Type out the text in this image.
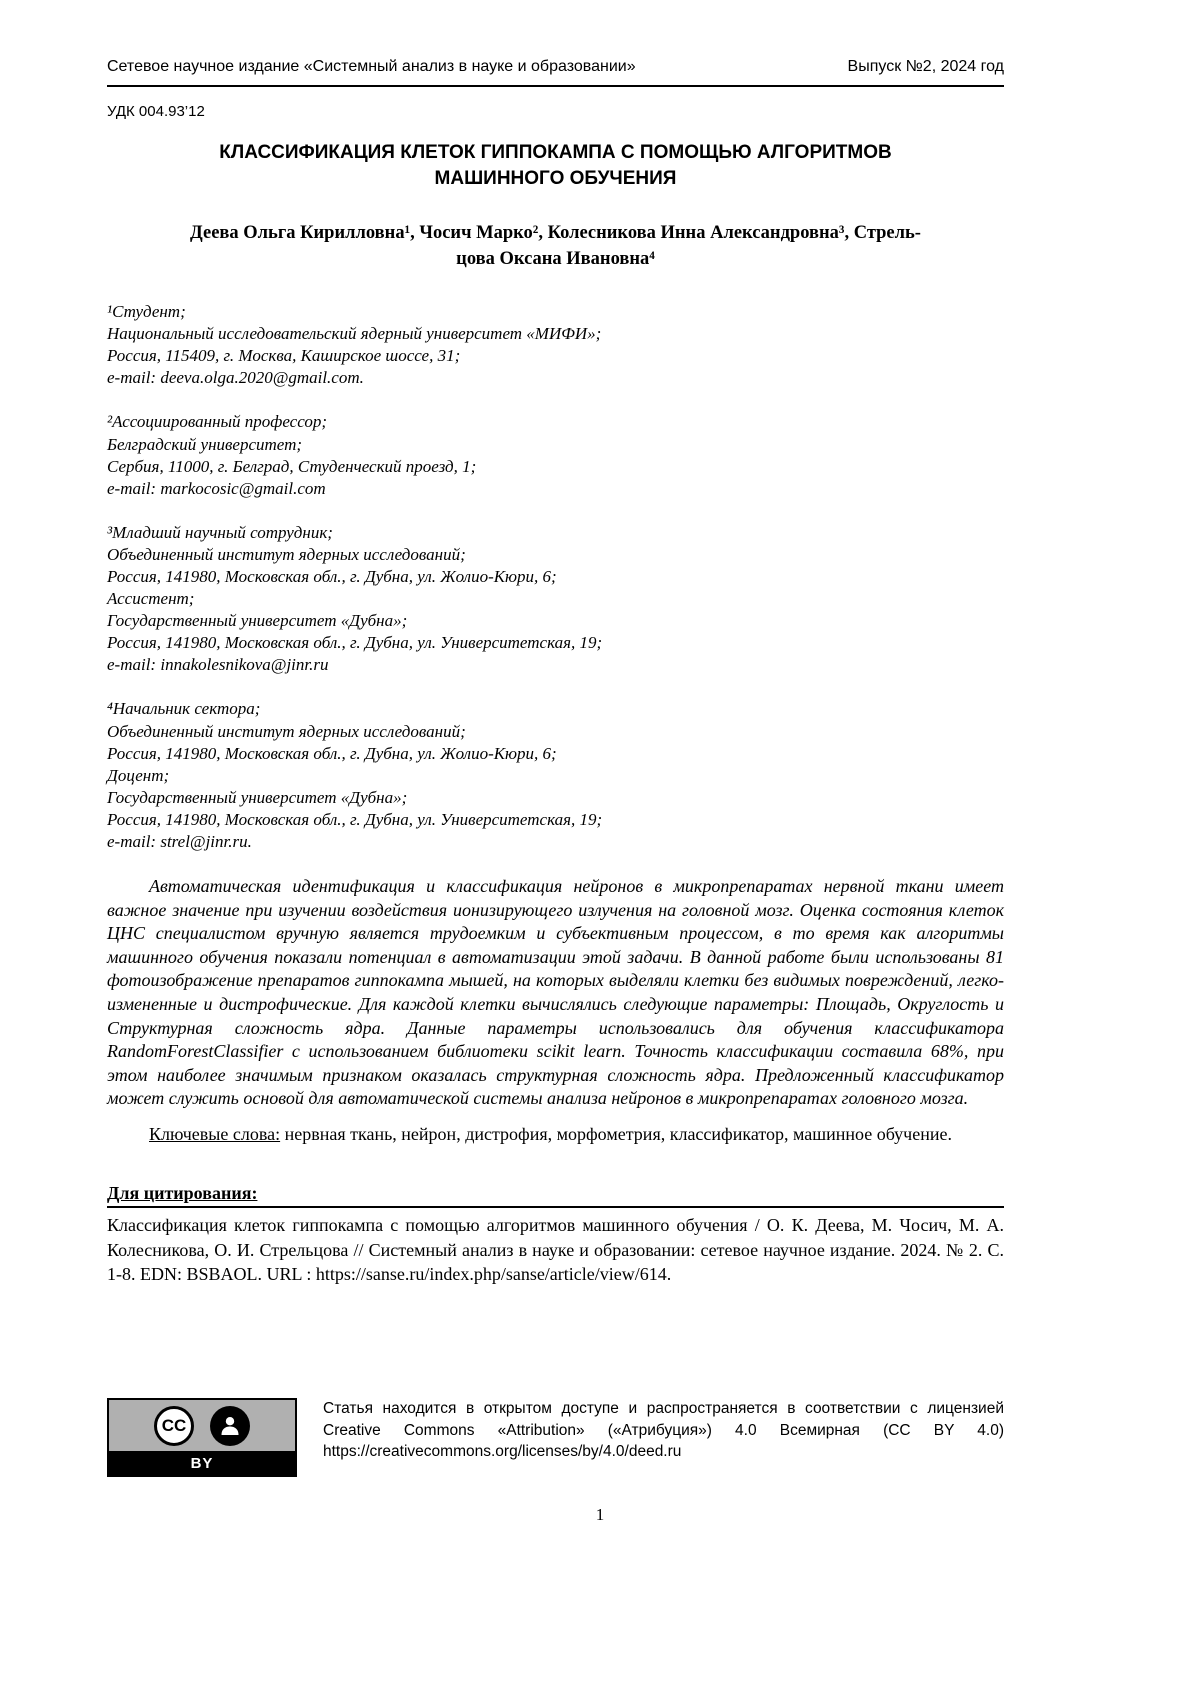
Сетевое научное издание «Системный анализ в науке и образовании»	Выпуск №2, 2024 год
УДК 004.93’12
КЛАССИФИКАЦИЯ КЛЕТОК ГИППОКАМПА С ПОМОЩЬЮ АЛГОРИТМОВ МАШИННОГО ОБУЧЕНИЯ
Деева Ольга Кирилловна¹, Чосич Марко², Колесникова Инна Александровна³, Стрель-
цова Оксана Ивановна⁴
¹Студент;
Национальный исследовательский ядерный университет «МИФИ»;
Россия, 115409, г. Москва, Каширское шоссе, 31;
e-mail: deeva.olga.2020@gmail.com.
²Ассоциированный профессор;
Белградский университет;
Сербия, 11000, г. Белград, Студенческий проезд, 1;
e-mail: markocosic@gmail.com
³Младший научный сотрудник;
Объединенный институт ядерных исследований;
Россия, 141980, Московская обл., г. Дубна, ул. Жолио-Кюри, 6;
Ассистент;
Государственный университет «Дубна»;
Россия, 141980, Московская обл., г. Дубна, ул. Университетская, 19;
e-mail: innakolesnikova@jinr.ru
⁴Начальник сектора;
Объединенный институт ядерных исследований;
Россия, 141980, Московская обл., г. Дубна, ул. Жолио-Кюри, 6;
Доцент;
Государственный университет «Дубна»;
Россия, 141980, Московская обл., г. Дубна, ул. Университетская, 19;
e-mail: strel@jinr.ru.

Автоматическая идентификация и классификация нейронов в микропрепаратах нервной ткани имеет важное значение при изучении воздействия ионизирующего излучения на головной мозг. Оценка состояния клеток ЦНС специалистом вручную является трудоемким и субъективным процессом, в то время как алгоритмы машинного обучения показали потенциал в автоматизации этой задачи. В данной работе были использованы 81 фотоизображение препаратов гиппокампа мышей, на которых выделяли клетки без видимых повреждений, легко-измененные и дистрофические. Для каждой клетки вычислялись следующие параметры: Площадь, Округлость и Структурная сложность ядра. Данные параметры использовались для обучения классификатора RandomForestClassifier с использованием библиотеки scikit learn. Точность классификации составила 68%, при этом наиболее значимым признаком оказалась структурная сложность ядра. Предложенный классификатор может служить основой для автоматической системы анализа нейронов в микропрепаратах головного мозга.

Ключевые слова: нервная ткань, нейрон, дистрофия, морфометрия, классификатор, машинное обучение.

Для цитирования:

Классификация клеток гиппокампа с помощью алгоритмов машинного обучения / О. К. Деева, М. Чосич, М. А. Колесникова, О. И. Стрельцова // Системный анализ в науке и образовании: сетевое научное издание. 2024. № 2. С. 1-8. EDN: BSBAOL. URL : https://sanse.ru/index.php/sanse/article/view/614.

CC
BY

Статья находится в открытом доступе и распространяется в соответствии с лицензией Creative Commons «Attribution» («Атрибуция») 4.0 Всемирная (CC BY 4.0) https://creativecommons.org/licenses/by/4.0/deed.ru

1
